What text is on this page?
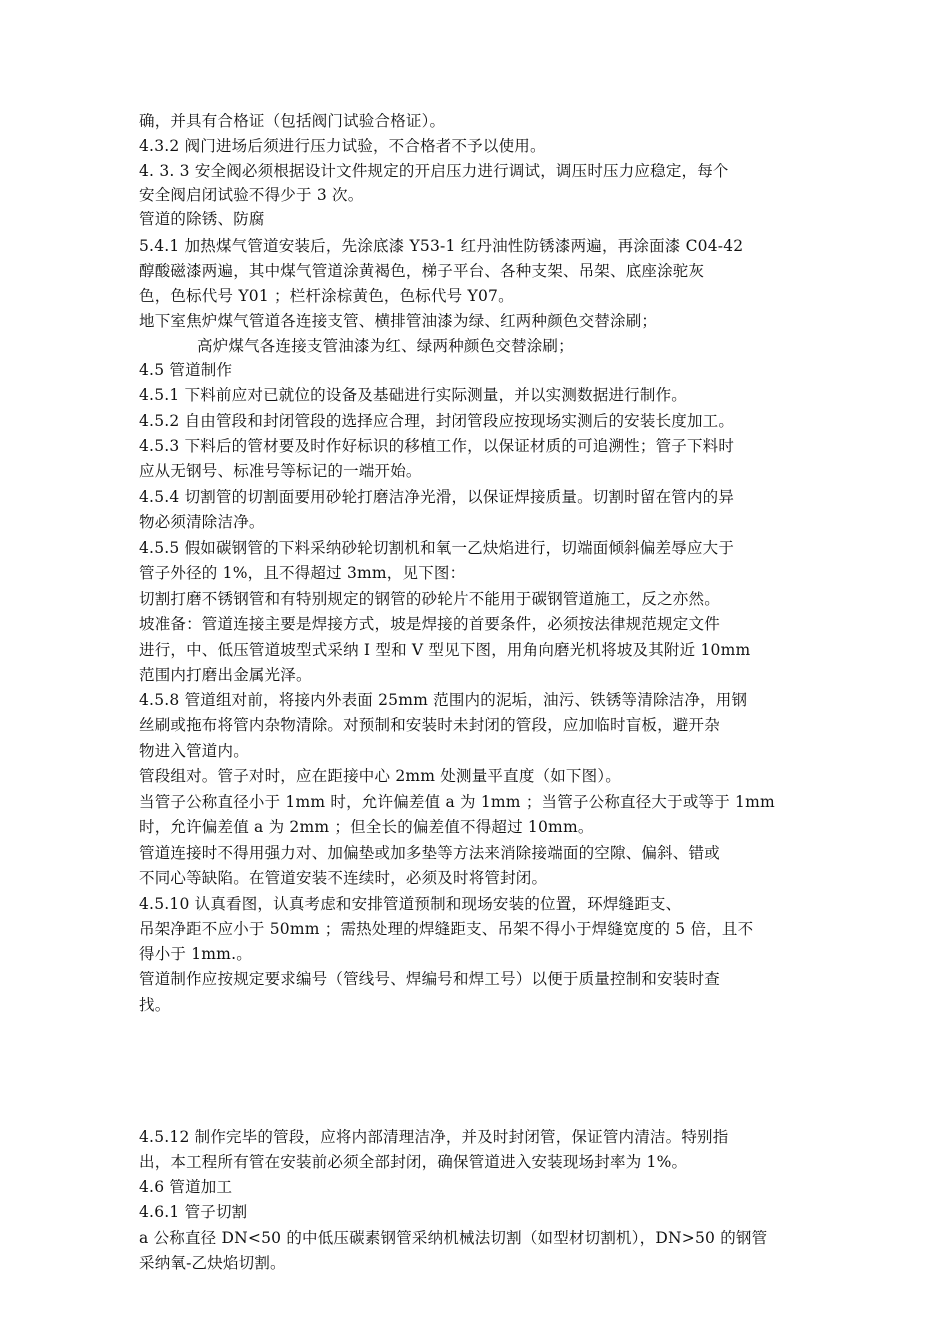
确，并具有合格证（包括阀门试验合格证）。

4.3.2 阀门进场后须进行压力试验，不合格者不予以使用。

4. 3. 3 安全阀必须根据设计文件规定的开启压力进行调试，调压时压力应稳定，每个

安全阀启闭试验不得少于 3 次。

管道的除锈、防腐

5.4.1 加热煤气管道安装后，先涂底漆 Y53-1 红丹油性防锈漆两遍，再涂面漆 C04-42

醇酸磁漆两遍，其中煤气管道涂黄褐色，梯子平台、各种支架、吊架、底座涂驼灰

色，色标代号 Y01 ；栏杆涂棕黄色，色标代号 Y07。

地下室焦炉煤气管道各连接支管、横排管油漆为绿、红两种颜色交替涂刷；

高炉煤气各连接支管油漆为红、绿两种颜色交替涂刷；

4.5 管道制作

4.5.1 下料前应对已就位的设备及基础进行实际测量，并以实测数据进行制作。

4.5.2 自由管段和封闭管段的选择应合理，封闭管段应按现场实测后的安装长度加工。

4.5.3 下料后的管材要及时作好标识的移植工作，以保证材质的可追溯性；管子下料时

应从无钢号、标准号等标记的一端开始。

4.5.4 切割管的切割面要用砂轮打磨洁净光滑，以保证焊接质量。切割时留在管内的异

物必须清除洁净。

4.5.5 假如碳钢管的下料采纳砂轮切割机和氧一乙炔焰进行，切端面倾斜偏差辱应大于

管子外径的 1%，且不得超过 3mm，见下图：

切割打磨不锈钢管和有特别规定的钢管的砂轮片不能用于碳钢管道施工，反之亦然。

坡准备：管道连接主要是焊接方式，坡是焊接的首要条件，必须按法律规范规定文件

进行，中、低压管道坡型式采纳 I 型和 V 型见下图，用角向磨光机将坡及其附近 10mm

范围内打磨出金属光泽。

4.5.8 管道组对前，将接内外表面 25mm 范围内的泥垢，油污、铁锈等清除洁净，用钢

丝刷或拖布将管内杂物清除。对预制和安装时未封闭的管段，应加临时盲板，避开杂

物进入管道内。

管段组对。管子对时，应在距接中心 2mm 处测量平直度（如下图）。

当管子公称直径小于 1mm 时，允许偏差值 a 为 1mm ；当管子公称直径大于或等于 1mm

时，允许偏差值 a 为 2mm ；但全长的偏差值不得超过 10mm。

管道连接时不得用强力对、加偏垫或加多垫等方法来消除接端面的空隙、偏斜、错或

不同心等缺陷。在管道安装不连续时，必须及时将管封闭。

4.5.10 认真看图，认真考虑和安排管道预制和现场安装的位置，环焊缝距支、

吊架净距不应小于 50mm ；需热处理的焊缝距支、吊架不得小于焊缝宽度的 5 倍，且不

得小于 1mm.。

管道制作应按规定要求编号（管线号、焊编号和焊工号）以便于质量控制和安装时查

找。

4.5.12 制作完毕的管段，应将内部清理洁净，并及时封闭管，保证管内清洁。特别指

出，本工程所有管在安装前必须全部封闭，确保管道进入安装现场封率为 1%。

4.6 管道加工

4.6.1 管子切割

a 公称直径 DN<50 的中低压碳素钢管采纳机械法切割（如型材切割机），DN>50 的钢管

采纳氧-乙炔焰切割。
